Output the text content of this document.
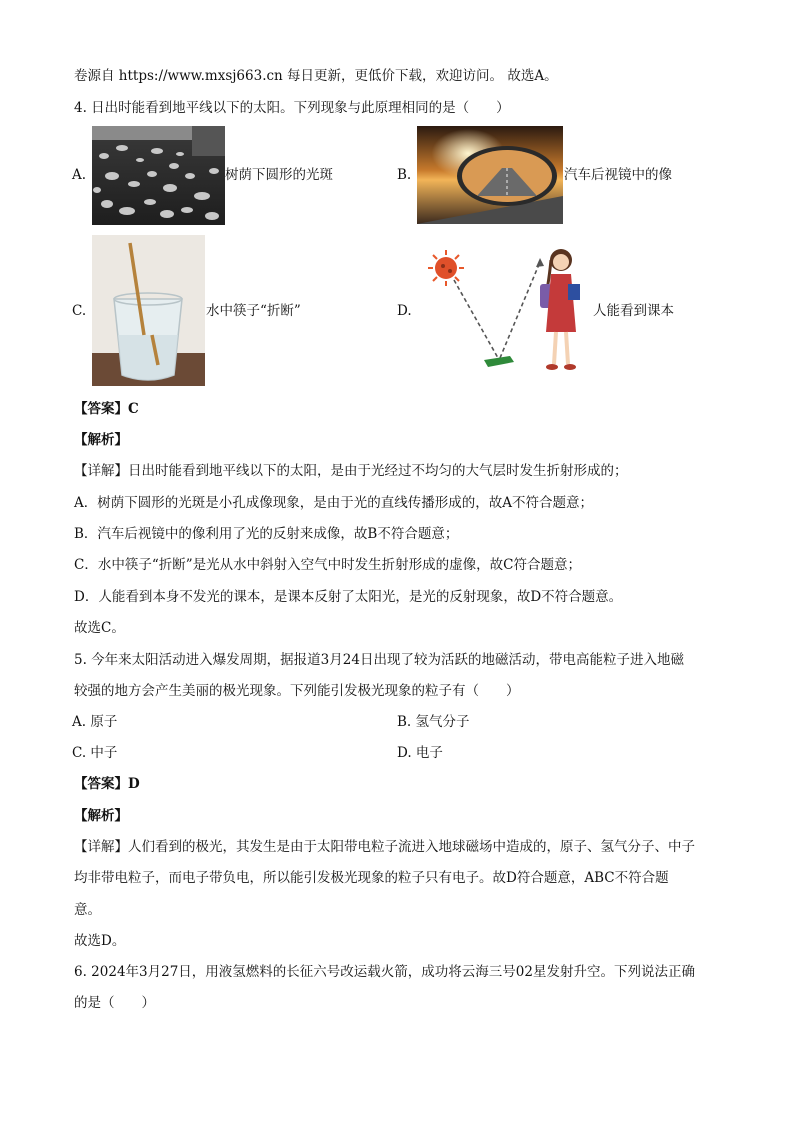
卷源自 https://www.mxsj663.cn 每日更新，更低价下载，欢迎访问。 故选A。
4. 日出时能看到地平线以下的太阳。下列现象与此原理相同的是（　　）
A.	树荫下圆形的光斑	B.	汽车后视镜中的像
C.	水中筷子“折断”	D.	人能看到课本
【答案】C
【解析】
【详解】日出时能看到地平线以下的太阳，是由于光经过不均匀的大气层时发生折射形成的；
A．树荫下圆形的光斑是小孔成像现象，是由于光的直线传播形成的，故A不符合题意；
B．汽车后视镜中的像利用了光的反射来成像，故B不符合题意；
C．水中筷子“折断”是光从水中斜射入空气中时发生折射形成的虚像，故C符合题意；
D．人能看到本身不发光的课本，是课本反射了太阳光，是光的反射现象，故D不符合题意。
故选C。
5. 今年来太阳活动进入爆发周期，据报道3月24日出现了较为活跃的地磁活动，带电高能粒子进入地磁
较强的地方会产生美丽的极光现象。下列能引发极光现象的粒子有（　　）
A. 原子	B. 氢气分子
C. 中子	D. 电子
【答案】D
【解析】
【详解】人们看到的极光，其发生是由于太阳带电粒子流进入地球磁场中造成的，原子、氢气分子、中子
均非带电粒子，而电子带负电，所以能引发极光现象的粒子只有电子。故D符合题意，ABC不符合题
意。
故选D。
6. 2024年3月27日，用液氢燃料的长征六号改运载火箭，成功将云海三号02星发射升空。下列说法正确
的是（　　）
